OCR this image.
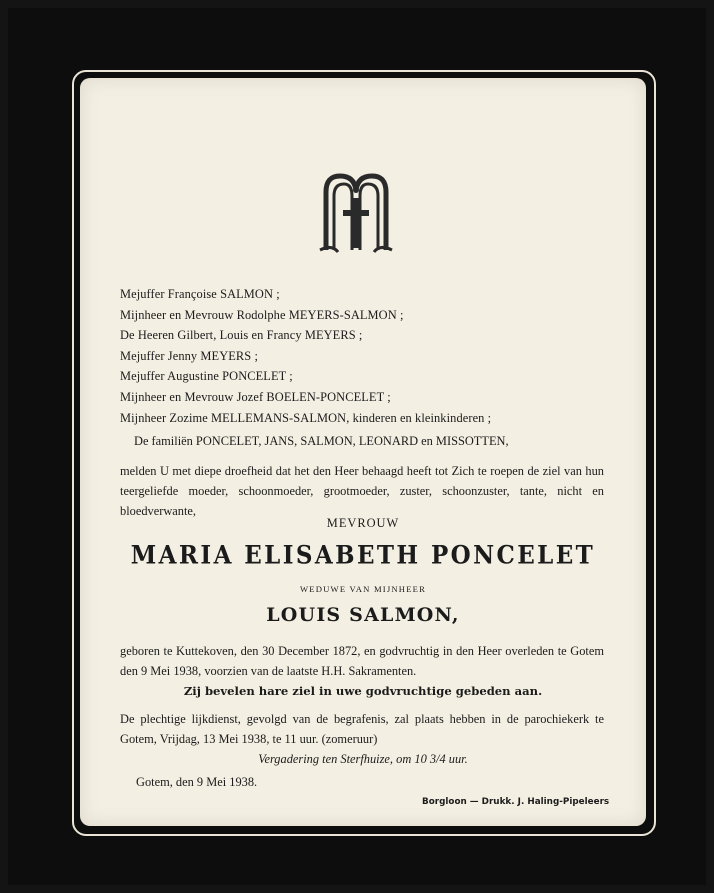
Mejuffer Françoise SALMON ;
Mijnheer en Mevrouw Rodolphe MEYERS-SALMON ;
De Heeren Gilbert, Louis en Francy MEYERS ;
Mejuffer Jenny MEYERS ;
Mejuffer Augustine PONCELET ;
Mijnheer en Mevrouw Jozef BOELEN-PONCELET ;
Mijnheer Zozime MELLEMANS-SALMON, kinderen en kleinkinderen ;
De familiën PONCELET, JANS, SALMON, LEONARD en MISSOTTEN,
melden U met diepe droefheid dat het den Heer behaagd heeft tot Zich te roepen de ziel van hun teergeliefde moeder, schoonmoeder, grootmoeder, zuster, schoonzuster, tante, nicht en bloedverwante,
MEVROUW
MARIA ELISABETH PONCELET
WEDUWE VAN MIJNHEER
LOUIS SALMON,
geboren te Kuttekoven, den 30 December 1872, en godvruchtig in den Heer overleden te Gotem den 9 Mei 1938, voorzien van de laatste H.H. Sakramenten.
Zij bevelen hare ziel in uwe godvruchtige gebeden aan.
De plechtige lijkdienst, gevolgd van de begrafenis, zal plaats hebben in de parochiekerk te Gotem, Vrijdag, 13 Mei 1938, te 11 uur. (zomeruur)
Vergadering ten Sterfhuize, om 10 3/4 uur.
Gotem, den 9 Mei 1938.
Borgloon — Drukk. J. Haling-Pipeleers
